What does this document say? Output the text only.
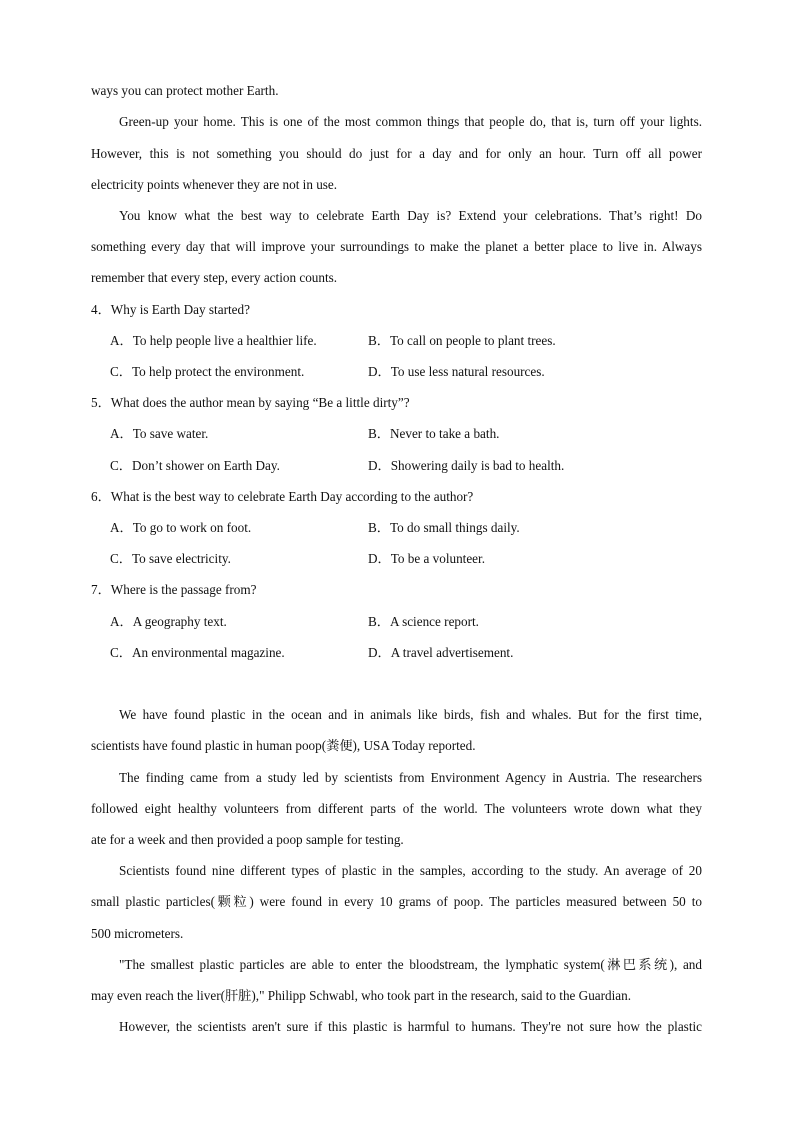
ways you can protect mother Earth.
Green-up your home. This is one of the most common things that people do, that is, turn off your lights.
However, this is not something you should do just for a day and for only an hour. Turn off all power
electricity points whenever they are not in use.
You know what the best way to celebrate Earth Day is? Extend your celebrations. That’s right! Do
something every day that will improve your surroundings to make the planet a better place to live in. Always
remember that every step, every action counts.
4．Why is Earth Day started?
A．To help people live a healthier life.	B．To call on people to plant trees.
C．To help protect the environment.	D．To use less natural resources.
5．What does the author mean by saying “Be a little dirty”?
A．To save water.	B．Never to take a bath.
C．Don’t shower on Earth Day.	D．Showering daily is bad to health.
6．What is the best way to celebrate Earth Day according to the author?
A．To go to work on foot.	B．To do small things daily.
C．To save electricity.	D．To be a volunteer.
7．Where is the passage from?
A．A geography text.	B．A science report.
C．An environmental magazine.	D．A travel advertisement.
We have found plastic in the ocean and in animals like birds, fish and whales. But for the first time,
scientists have found plastic in human poop(粪便), USA Today reported.
The finding came from a study led by scientists from Environment Agency in Austria. The researchers
followed eight healthy volunteers from different parts of the world. The volunteers wrote down what they
ate for a week and then provided a poop sample for testing.
Scientists found nine different types of plastic in the samples, according to the study. An average of 20
small plastic particles(颗粒) were found in every 10 grams of poop. The particles measured between 50 to
500 micrometers.
"The smallest plastic particles are able to enter the bloodstream, the lymphatic system(淋巴系统), and
may even reach the liver(肝脏)," Philipp Schwabl, who took part in the research, said to the Guardian.
However, the scientists aren't sure if this plastic is harmful to humans. They're not sure how the plastic
